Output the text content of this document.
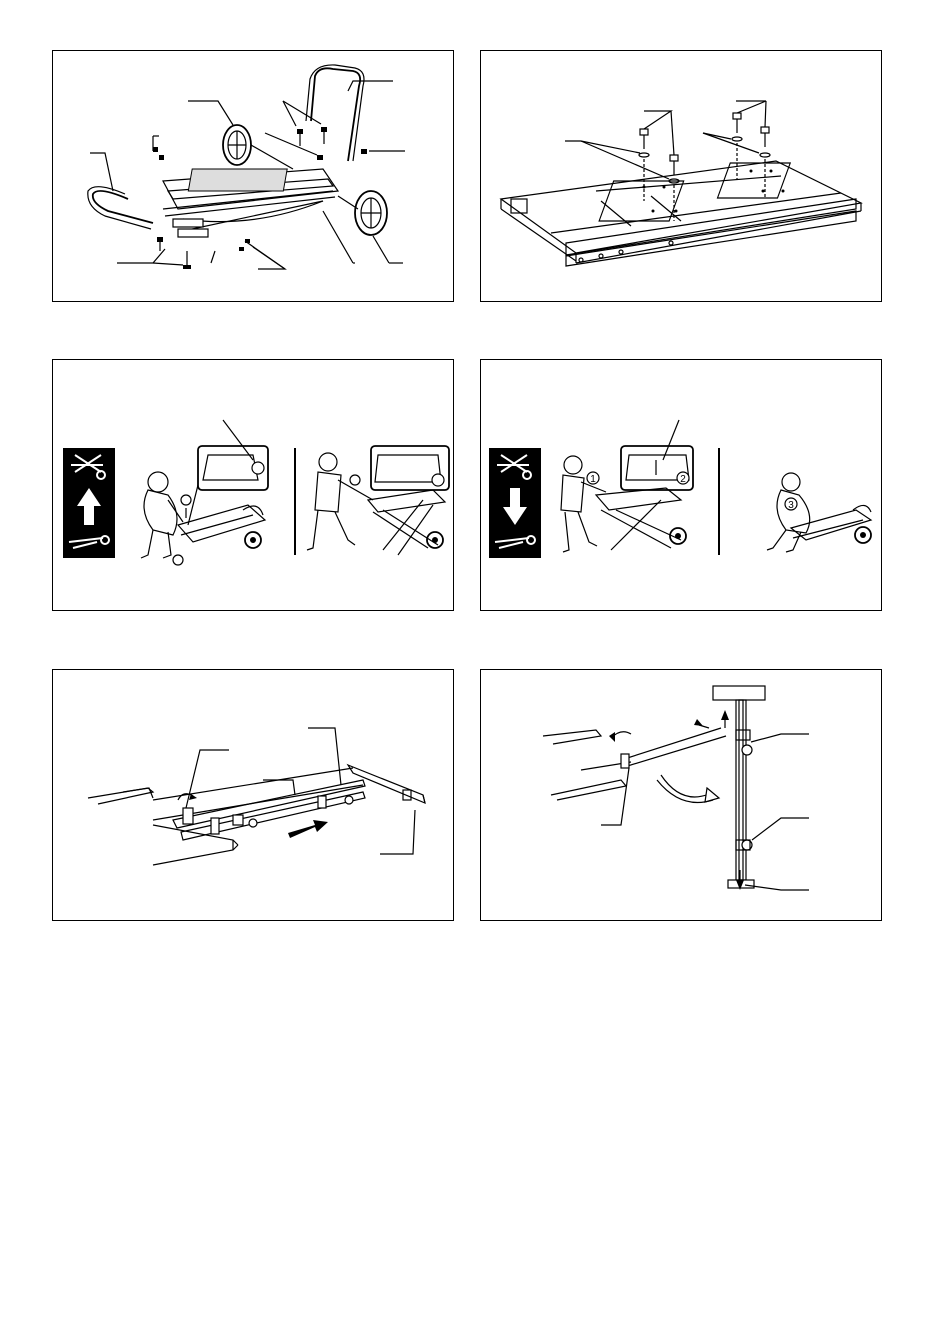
1	2
3
